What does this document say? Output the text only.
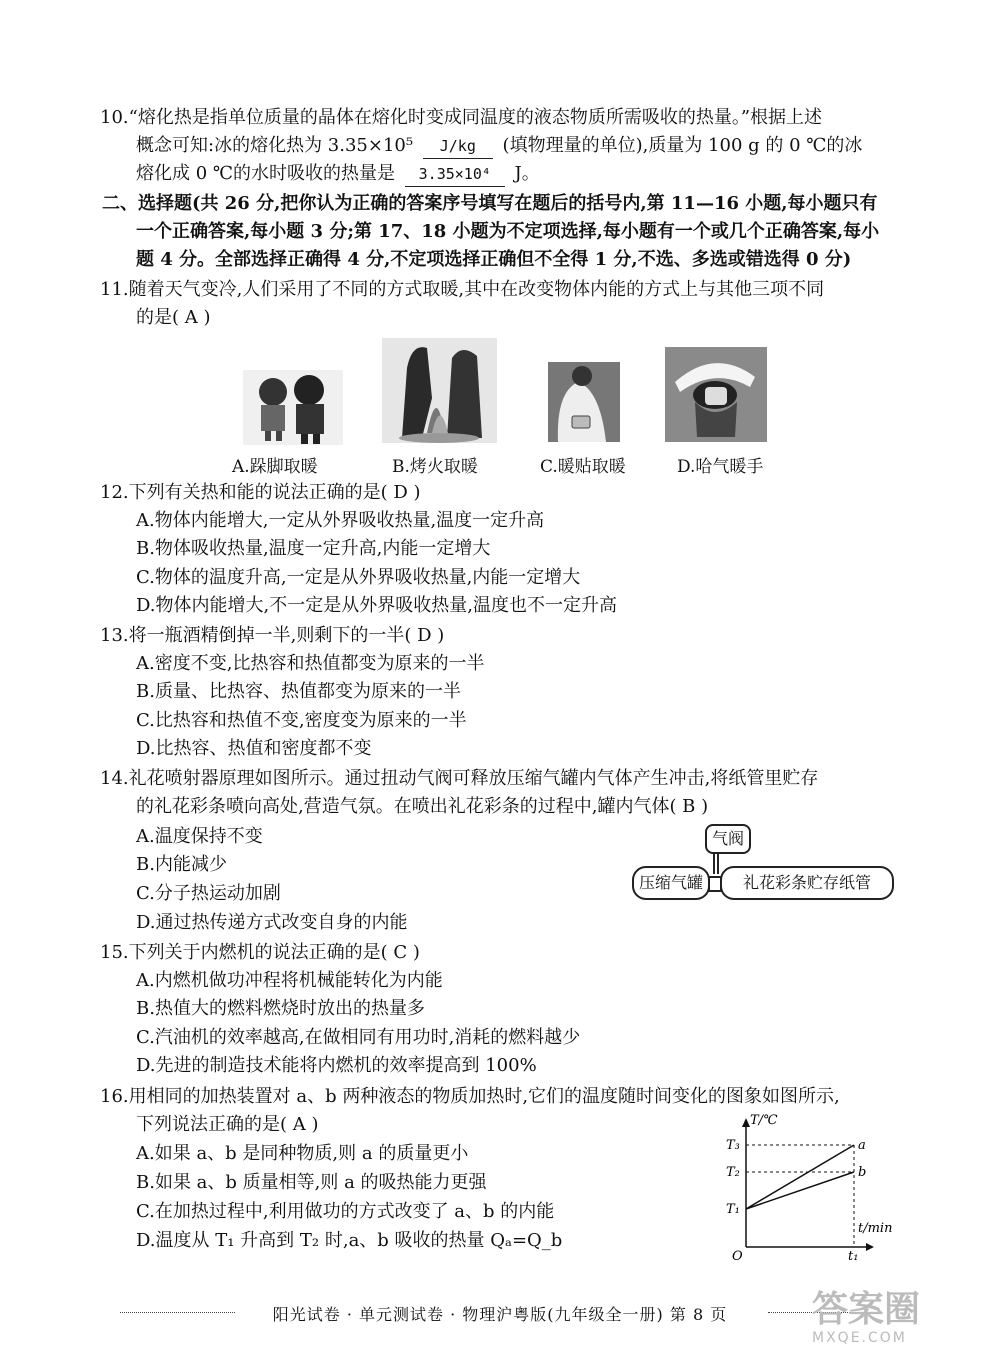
10.“熔化热是指单位质量的晶体在熔化时变成同温度的液态物质所需吸收的热量。”根据上述
概念可知:冰的熔化热为 3.35×10⁵ J/kg (填物理量的单位),质量为 100 g 的 0 ℃的冰
熔化成 0 ℃的水时吸收的热量是 3.35×10⁴ J。
二、选择题(共 26 分,把你认为正确的答案序号填写在题后的括号内,第 11—16 小题,每小题只有
一个正确答案,每小题 3 分;第 17、18 小题为不定项选择,每小题有一个或几个正确答案,每小
题 4 分。全部选择正确得 4 分,不定项选择正确但不全得 1 分,不选、多选或错选得 0 分)
11.随着天气变冷,人们采用了不同的方式取暖,其中在改变物体内能的方式上与其他三项不同
的是( A )
A.跺脚取暖	B.烤火取暖	C.暖贴取暖	D.哈气暖手
12.下列有关热和能的说法正确的是( D )
A.物体内能增大,一定从外界吸收热量,温度一定升高
B.物体吸收热量,温度一定升高,内能一定增大
C.物体的温度升高,一定是从外界吸收热量,内能一定增大
D.物体内能增大,不一定是从外界吸收热量,温度也不一定升高
13.将一瓶酒精倒掉一半,则剩下的一半( D )
A.密度不变,比热容和热值都变为原来的一半
B.质量、比热容、热值都变为原来的一半
C.比热容和热值不变,密度变为原来的一半
D.比热容、热值和密度都不变
14.礼花喷射器原理如图所示。通过扭动气阀可释放压缩气罐内气体产生冲击,将纸管里贮存
的礼花彩条喷向高处,营造气氛。在喷出礼花彩条的过程中,罐内气体( B )
A.温度保持不变
B.内能减少
C.分子热运动加剧
D.通过热传递方式改变自身的内能
气阀
压缩气罐	礼花彩条贮存纸管
15.下列关于内燃机的说法正确的是( C )
A.内燃机做功冲程将机械能转化为内能
B.热值大的燃料燃烧时放出的热量多
C.汽油机的效率越高,在做相同有用功时,消耗的燃料越少
D.先进的制造技术能将内燃机的效率提高到 100%
16.用相同的加热装置对 a、b 两种液态的物质加热时,它们的温度随时间变化的图象如图所示,
下列说法正确的是( A )
A.如果 a、b 是同种物质,则 a 的质量更小
B.如果 a、b 质量相等,则 a 的吸热能力更强
C.在加热过程中,利用做功的方式改变了 a、b 的内能
D.温度从 T₁ 升高到 T₂ 时,a、b 吸收的热量 Qₐ=Q_b
T/℃
t/min
O	t₁
T₁
T₂
T₃	a
b
阳光试卷 · 单元测试卷 · 物理沪粤版(九年级全一册) 第 8 页	答案圈
MXQE.COM
